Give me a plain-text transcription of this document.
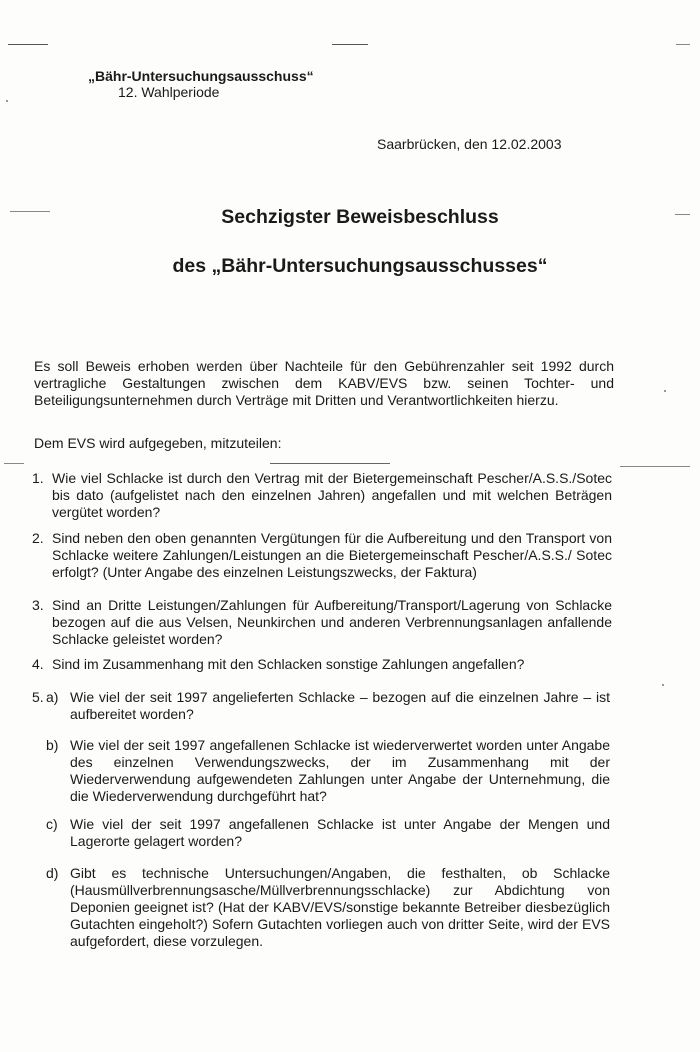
„Bähr-Untersuchungsausschuss“
12. Wahlperiode
Saarbrücken, den 12.02.2003
Sechzigster Beweisbeschluss
des „Bähr-Untersuchungsausschusses“
Es soll Beweis erhoben werden über Nachteile für den Gebührenzahler seit 1992 durch vertragliche Gestaltungen zwischen dem KABV/EVS bzw. seinen Tochter- und Beteiligungsunternehmen durch Verträge mit Dritten und Verantwortlichkeiten hierzu.
Dem EVS wird aufgegeben, mitzuteilen:
1. Wie viel Schlacke ist durch den Vertrag mit der Bietergemeinschaft Pescher/A.S.S./Sotec bis dato (aufgelistet nach den einzelnen Jahren) angefallen und mit welchen Beträgen vergütet worden?
2. Sind neben den oben genannten Vergütungen für die Aufbereitung und den Transport von Schlacke weitere Zahlungen/Leistungen an die Bietergemeinschaft Pescher/A.S.S./ Sotec erfolgt? (Unter Angabe des einzelnen Leistungszwecks, der Faktura)
3. Sind an Dritte Leistungen/Zahlungen für Aufbereitung/Transport/Lagerung von Schlacke bezogen auf die aus Velsen, Neunkirchen und anderen Verbrennungsanlagen anfallende Schlacke geleistet worden?
4. Sind im Zusammenhang mit den Schlacken sonstige Zahlungen angefallen?
5. a) Wie viel der seit 1997 angelieferten Schlacke – bezogen auf die einzelnen Jahre – ist aufbereitet worden?
b) Wie viel der seit 1997 angefallenen Schlacke ist wiederverwertet worden unter Angabe des einzelnen Verwendungszwecks, der im Zusammenhang mit der Wiederverwendung aufgewendeten Zahlungen unter Angabe der Unternehmung, die die Wiederverwendung durchgeführt hat?
c) Wie viel der seit 1997 angefallenen Schlacke ist unter Angabe der Mengen und Lagerorte gelagert worden?
d) Gibt es technische Untersuchungen/Angaben, die festhalten, ob Schlacke (Hausmüllverbrennungsasche/Müllverbrennungsschlacke) zur Abdichtung von Deponien geeignet ist? (Hat der KABV/EVS/sonstige bekannte Betreiber diesbezüglich Gutachten eingeholt?) Sofern Gutachten vorliegen auch von dritter Seite, wird der EVS aufgefordert, diese vorzulegen.
